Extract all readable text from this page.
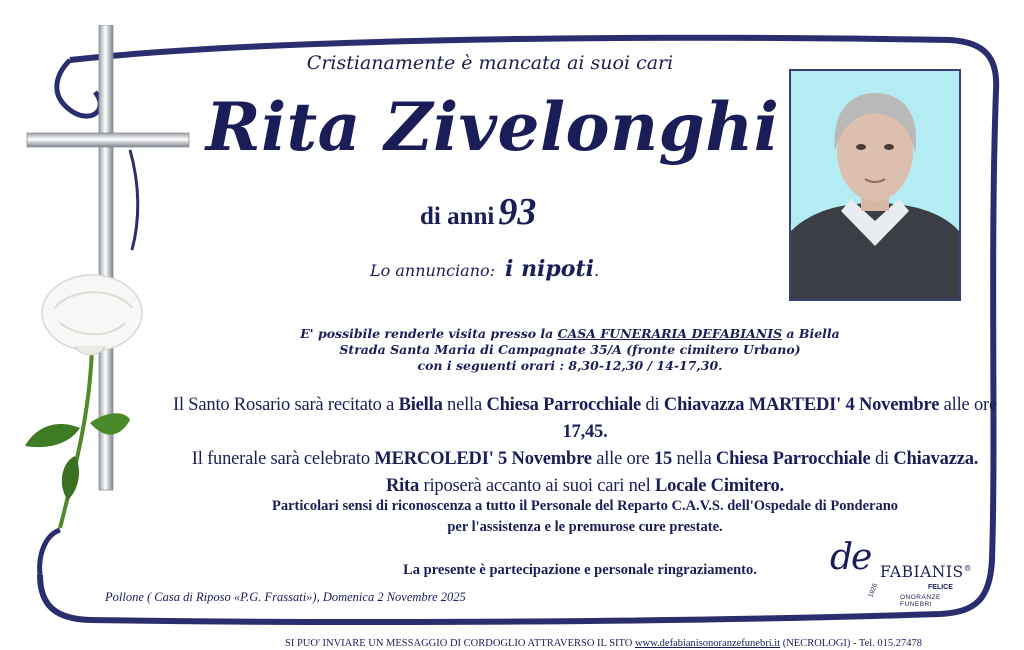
Cristianamente è mancata ai suoi cari
Rita Zivelonghi
di anni 93
Lo annunciano: i nipoti.
E' possibile renderle visita presso la CASA FUNERARIA DEFABIANIS a Biella
Strada Santa Maria di Campagnate 35/A (fronte cimitero Urbano)
con i seguenti orari : 8,30-12,30 / 14-17,30.
Il Santo Rosario sarà recitato a Biella nella Chiesa Parrocchiale di Chiavazza MARTEDI' 4 Novembre alle ore 17,45.
Il funerale sarà celebrato MERCOLEDI' 5 Novembre alle ore 15 nella Chiesa Parrocchiale di Chiavazza.
Rita riposerà accanto ai suoi cari nel Locale Cimitero.
Particolari sensi di riconoscenza a tutto il Personale del Reparto C.A.V.S. dell'Ospedale di Ponderano
per l'assistenza e le premurose cure prestate.
La presente è partecipazione e personale ringraziamento.
Pollone ( Casa di Riposo «P.G. Frassati»), Domenica 2 Novembre 2025
de FABIANIS®
FELICE
ONORANZE FUNEBRI
1926
SI PUO' INVIARE UN MESSAGGIO DI CORDOGLIO ATTRAVERSO IL SITO www.defabianisonoranzefunebri.it (NECROLOGI) - Tel. 015.27478
